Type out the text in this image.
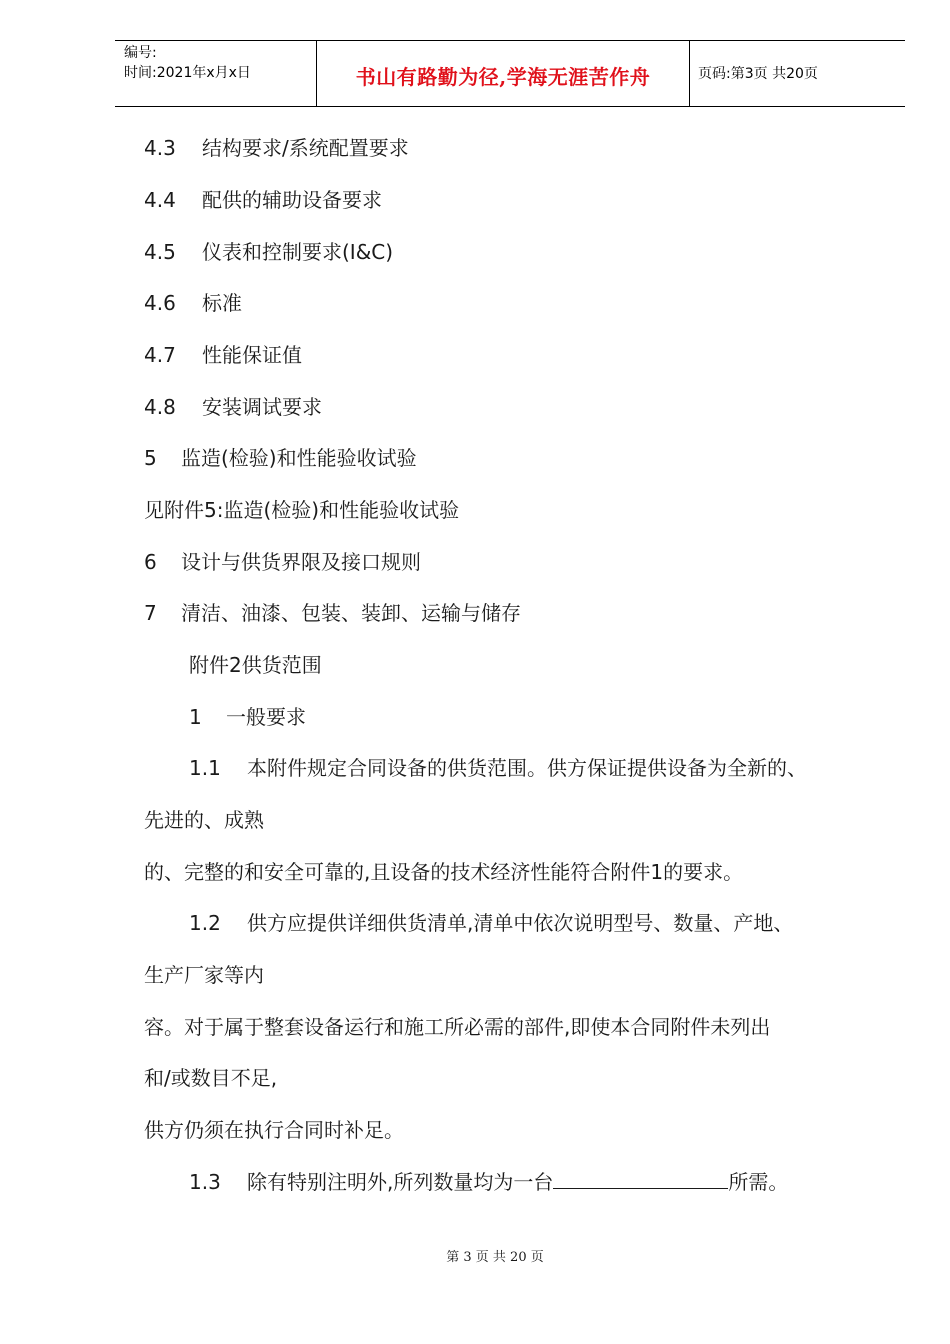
编号:
时间:2021年x月x日	书山有路勤为径,学海无涯苦作舟	页码:第3页 共20页
4.3 结构要求/系统配置要求
4.4 配供的辅助设备要求
4.5 仪表和控制要求(I&C)
4.6 标准
4.7 性能保证值
4.8 安装调试要求
5 监造(检验)和性能验收试验
见附件5:监造(检验)和性能验收试验
6 设计与供货界限及接口规则
7 清洁、油漆、包装、装卸、运输与储存
附件2供货范围
1 一般要求
1.1 本附件规定合同设备的供货范围。供方保证提供设备为全新的、
先进的、成熟
的、完整的和安全可靠的,且设备的技术经济性能符合附件1的要求。
1.2 供方应提供详细供货清单,清单中依次说明型号、数量、产地、
生产厂家等内
容。对于属于整套设备运行和施工所必需的部件,即使本合同附件未列出
和/或数目不足,
供方仍须在执行合同时补足。
1.3 除有特别注明外,所列数量均为一台	所需。
第 3 页 共 20 页
